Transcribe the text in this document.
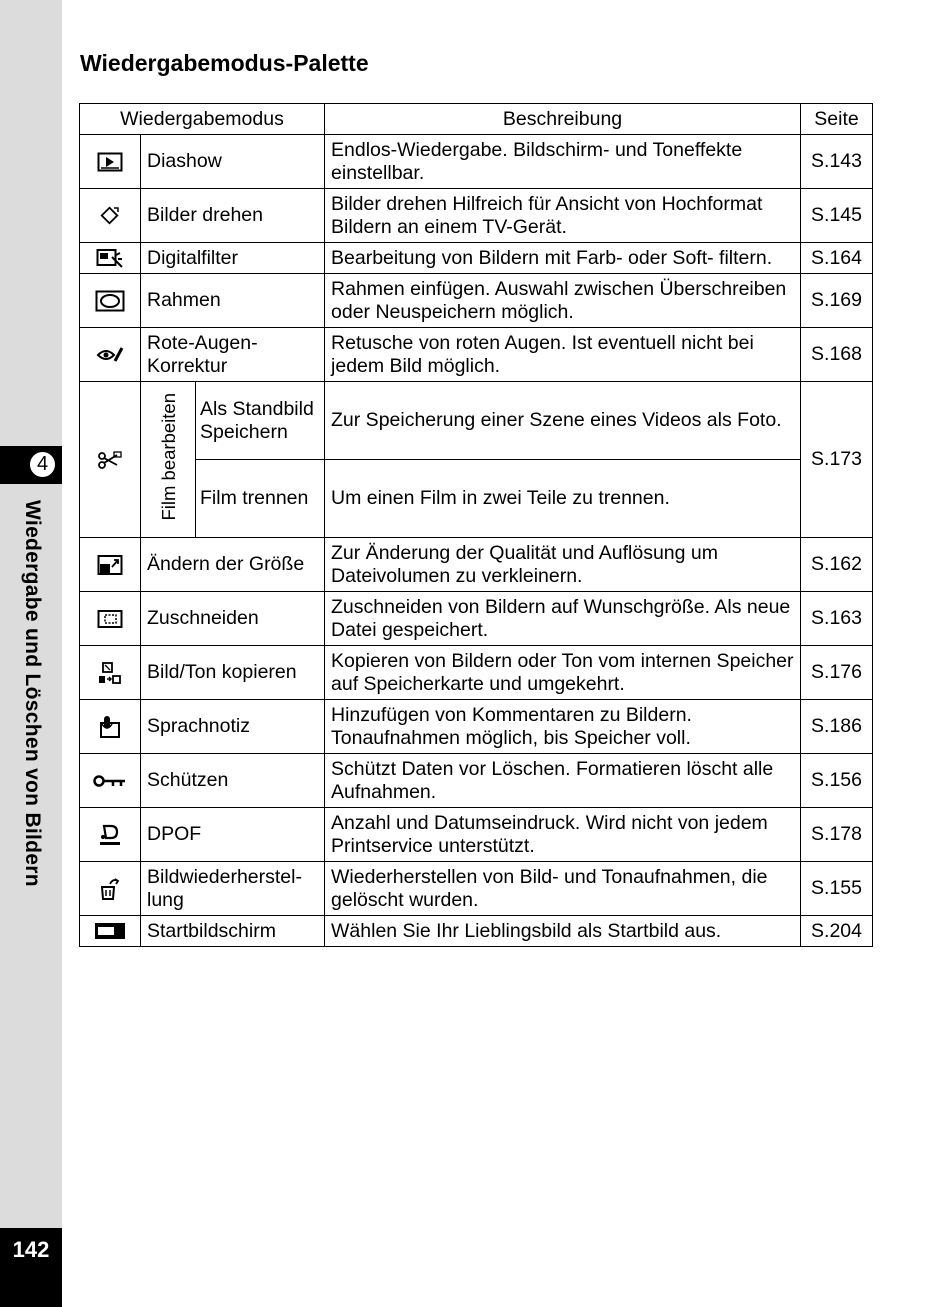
4
Wiedergabe und Löschen von Bildern
142
Wiedergabemodus-Palette
Wiedergabemodus			Beschreibung	Seite

	Diashow		Endlos-Wiedergabe. Bildschirm- und Toneffekte einstellbar.	S.143

	Bilder drehen		Bilder drehen Hilfreich für Ansicht von Hochformat Bildern an einem TV-Gerät.	S.145

	Digitalfilter		Bearbeitung von Bildern mit Farb- oder Soft- filtern.	S.164

	Rahmen		Rahmen einfügen. Auswahl zwischen Überschreiben oder Neuspeichern möglich.	S.169

	Rote-Augen-Korrektur		Retusche von roten Augen. Ist eventuell nicht bei jedem Bild möglich.	S.168

	Film bearbeiten	Als Standbild Speichern	Zur Speicherung einer Szene eines Videos als Foto.	S.173
		Film trennen	Um einen Film in zwei Teile zu trennen.	

	Ändern der Größe		Zur Änderung der Qualität und Auflösung um Dateivolumen zu verkleinern.	S.162

	Zuschneiden		Zuschneiden von Bildern auf Wunschgröße. Als neue Datei gespeichert.	S.163

	Bild/Ton kopieren		Kopieren von Bildern oder Ton vom internen Speicher auf Speicherkarte und umgekehrt.	S.176

	Sprachnotiz		Hinzufügen von Kommentaren zu Bildern. Tonaufnahmen möglich, bis Speicher voll.	S.186

	Schützen		Schützt Daten vor Löschen. Formatieren löscht alle Aufnahmen.	S.156

	DPOF		Anzahl und Datumseindruck. Wird nicht von jedem Printservice unterstützt.	S.178

	Bildwiederherstel-lung		Wiederherstellen von Bild- und Tonaufnahmen, die gelöscht wurden.	S.155

	Startbildschirm		Wählen Sie Ihr Lieblingsbild als Startbild aus.	S.204
